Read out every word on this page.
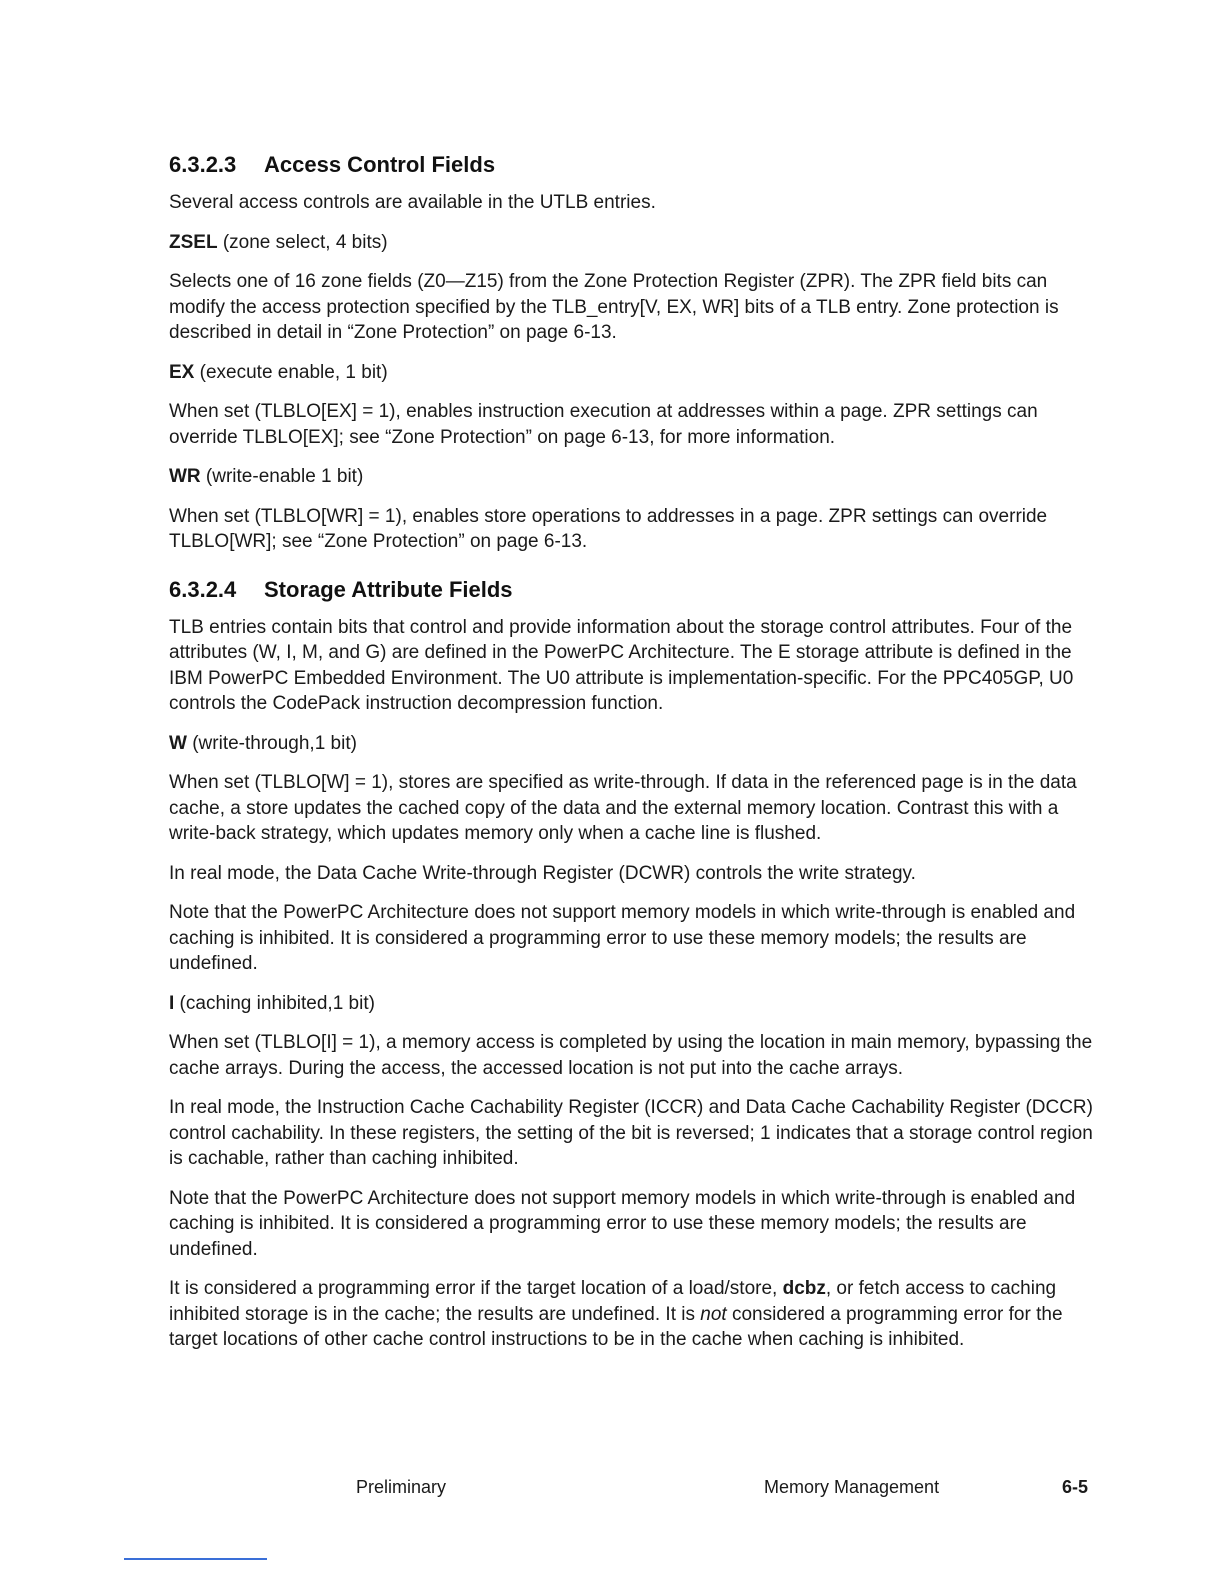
6.3.2.3 Access Control Fields

Several access controls are available in the UTLB entries.

ZSEL (zone select, 4 bits)

Selects one of 16 zone fields (Z0—Z15) from the Zone Protection Register (ZPR). The ZPR field bits can modify the access protection specified by the TLB_entry[V, EX, WR] bits of a TLB entry. Zone protection is described in detail in “Zone Protection” on page 6-13.

EX (execute enable, 1 bit)

When set (TLBLO[EX] = 1), enables instruction execution at addresses within a page. ZPR settings can override TLBLO[EX]; see “Zone Protection” on page 6-13, for more information.

WR (write-enable 1 bit)

When set (TLBLO[WR] = 1), enables store operations to addresses in a page. ZPR settings can override TLBLO[WR]; see “Zone Protection” on page 6-13.

6.3.2.4 Storage Attribute Fields

TLB entries contain bits that control and provide information about the storage control attributes. Four of the attributes (W, I, M, and G) are defined in the PowerPC Architecture. The E storage attribute is defined in the IBM PowerPC Embedded Environment. The U0 attribute is implementation-specific. For the PPC405GP, U0 controls the CodePack instruction decompression function.

W (write-through,1 bit)

When set (TLBLO[W] = 1), stores are specified as write-through. If data in the referenced page is in the data cache, a store updates the cached copy of the data and the external memory location. Contrast this with a write-back strategy, which updates memory only when a cache line is flushed.

In real mode, the Data Cache Write-through Register (DCWR) controls the write strategy.

Note that the PowerPC Architecture does not support memory models in which write-through is enabled and caching is inhibited. It is considered a programming error to use these memory models; the results are undefined.

I (caching inhibited,1 bit)

When set (TLBLO[I] = 1), a memory access is completed by using the location in main memory, bypassing the cache arrays. During the access, the accessed location is not put into the cache arrays.

In real mode, the Instruction Cache Cachability Register (ICCR) and Data Cache Cachability Register (DCCR) control cachability. In these registers, the setting of the bit is reversed; 1 indicates that a storage control region is cachable, rather than caching inhibited.

Note that the PowerPC Architecture does not support memory models in which write-through is enabled and caching is inhibited. It is considered a programming error to use these memory models; the results are undefined.

It is considered a programming error if the target location of a load/store, dcbz, or fetch access to caching inhibited storage is in the cache; the results are undefined. It is not considered a programming error for the target locations of other cache control instructions to be in the cache when caching is inhibited.

Preliminary	Memory Management	6-5
